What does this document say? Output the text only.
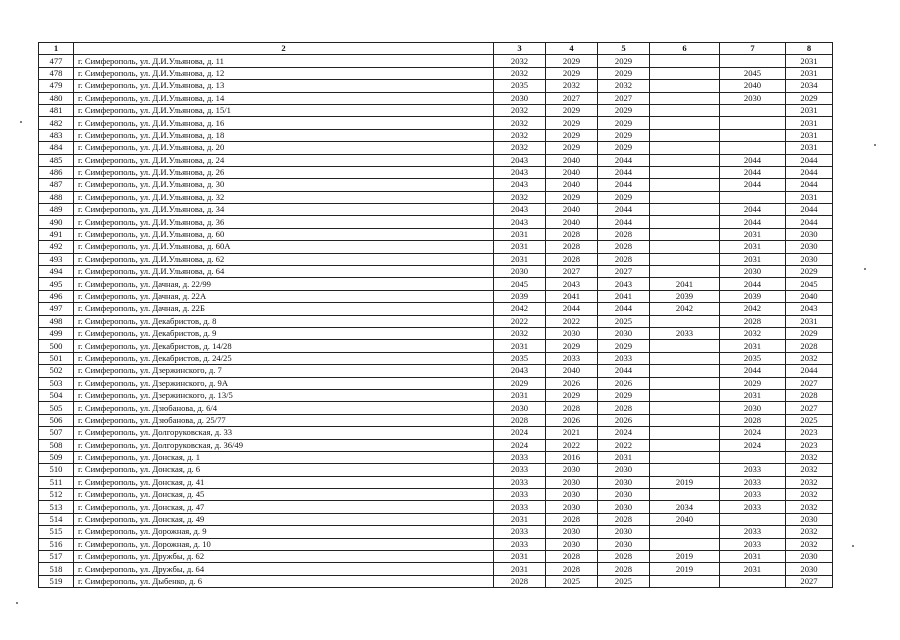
1	2	3	4	5	6	7	8
477	г. Симферополь, ул. Д.И.Ульянова, д. 11	2032	2029	2029			2031
478	г. Симферополь, ул. Д.И.Ульянова, д. 12	2032	2029	2029		2045	2031
479	г. Симферополь, ул. Д.И.Ульянова, д. 13	2035	2032	2032		2040	2034
480	г. Симферополь, ул. Д.И.Ульянова, д. 14	2030	2027	2027		2030	2029
481	г. Симферополь, ул. Д.И.Ульянова, д. 15/1	2032	2029	2029			2031
482	г. Симферополь, ул. Д.И.Ульянова, д. 16	2032	2029	2029			2031
483	г. Симферополь, ул. Д.И.Ульянова, д. 18	2032	2029	2029			2031
484	г. Симферополь, ул. Д.И.Ульянова, д. 20	2032	2029	2029			2031
485	г. Симферополь, ул. Д.И.Ульянова, д. 24	2043	2040	2044		2044	2044
486	г. Симферополь, ул. Д.И.Ульянова, д. 26	2043	2040	2044		2044	2044
487	г. Симферополь, ул. Д.И.Ульянова, д. 30	2043	2040	2044		2044	2044
488	г. Симферополь, ул. Д.И.Ульянова, д. 32	2032	2029	2029			2031
489	г. Симферополь, ул. Д.И.Ульянова, д. 34	2043	2040	2044		2044	2044
490	г. Симферополь, ул. Д.И.Ульянова, д. 36	2043	2040	2044		2044	2044
491	г. Симферополь, ул. Д.И.Ульянова, д. 60	2031	2028	2028		2031	2030
492	г. Симферополь, ул. Д.И.Ульянова, д. 60А	2031	2028	2028		2031	2030
493	г. Симферополь, ул. Д.И.Ульянова, д. 62	2031	2028	2028		2031	2030
494	г. Симферополь, ул. Д.И.Ульянова, д. 64	2030	2027	2027		2030	2029
495	г. Симферополь, ул. Дачная, д. 22/99	2045	2043	2043	2041	2044	2045
496	г. Симферополь, ул. Дачная, д. 22А	2039	2041	2041	2039	2039	2040
497	г. Симферополь, ул. Дачная, д. 22Б	2042	2044	2044	2042	2042	2043
498	г. Симферополь, ул. Декабристов, д. 8	2022	2022	2025		2028	2031
499	г. Симферополь, ул. Декабристов, д. 9	2032	2030	2030	2033	2032	2029
500	г. Симферополь, ул. Декабристов, д. 14/28	2031	2029	2029		2031	2028
501	г. Симферополь, ул. Декабристов, д. 24/25	2035	2033	2033		2035	2032
502	г. Симферополь, ул. Дзержинского, д. 7	2043	2040	2044		2044	2044
503	г. Симферополь, ул. Дзержинского, д. 9А	2029	2026	2026		2029	2027
504	г. Симферополь, ул. Дзержинского, д. 13/5	2031	2029	2029		2031	2028
505	г. Симферополь, ул. Дзюбанова, д. 6/4	2030	2028	2028		2030	2027
506	г. Симферополь, ул. Дзюбанова, д. 25/77	2028	2026	2026		2028	2025
507	г. Симферополь, ул. Долгоруковская, д. 33	2024	2021	2024		2024	2023
508	г. Симферополь, ул. Долгоруковская, д. 36/49	2024	2022	2022		2024	2023
509	г. Симферополь, ул. Донская, д. 1	2033	2016	2031			2032
510	г. Симферополь, ул. Донская, д. 6	2033	2030	2030		2033	2032
511	г. Симферополь, ул. Донская, д. 41	2033	2030	2030	2019	2033	2032
512	г. Симферополь, ул. Донская, д. 45	2033	2030	2030		2033	2032
513	г. Симферополь, ул. Донская, д. 47	2033	2030	2030	2034	2033	2032
514	г. Симферополь, ул. Донская, д. 49	2031	2028	2028	2040		2030
515	г. Симферополь, ул. Дорожная, д. 9	2033	2030	2030		2033	2032
516	г. Симферополь, ул. Дорожная, д. 10	2033	2030	2030		2033	2032
517	г. Симферополь, ул. Дружбы, д. 62	2031	2028	2028	2019	2031	2030
518	г. Симферополь, ул. Дружбы, д. 64	2031	2028	2028	2019	2031	2030
519	г. Симферополь, ул. Дыбенко, д. 6	2028	2025	2025			2027
